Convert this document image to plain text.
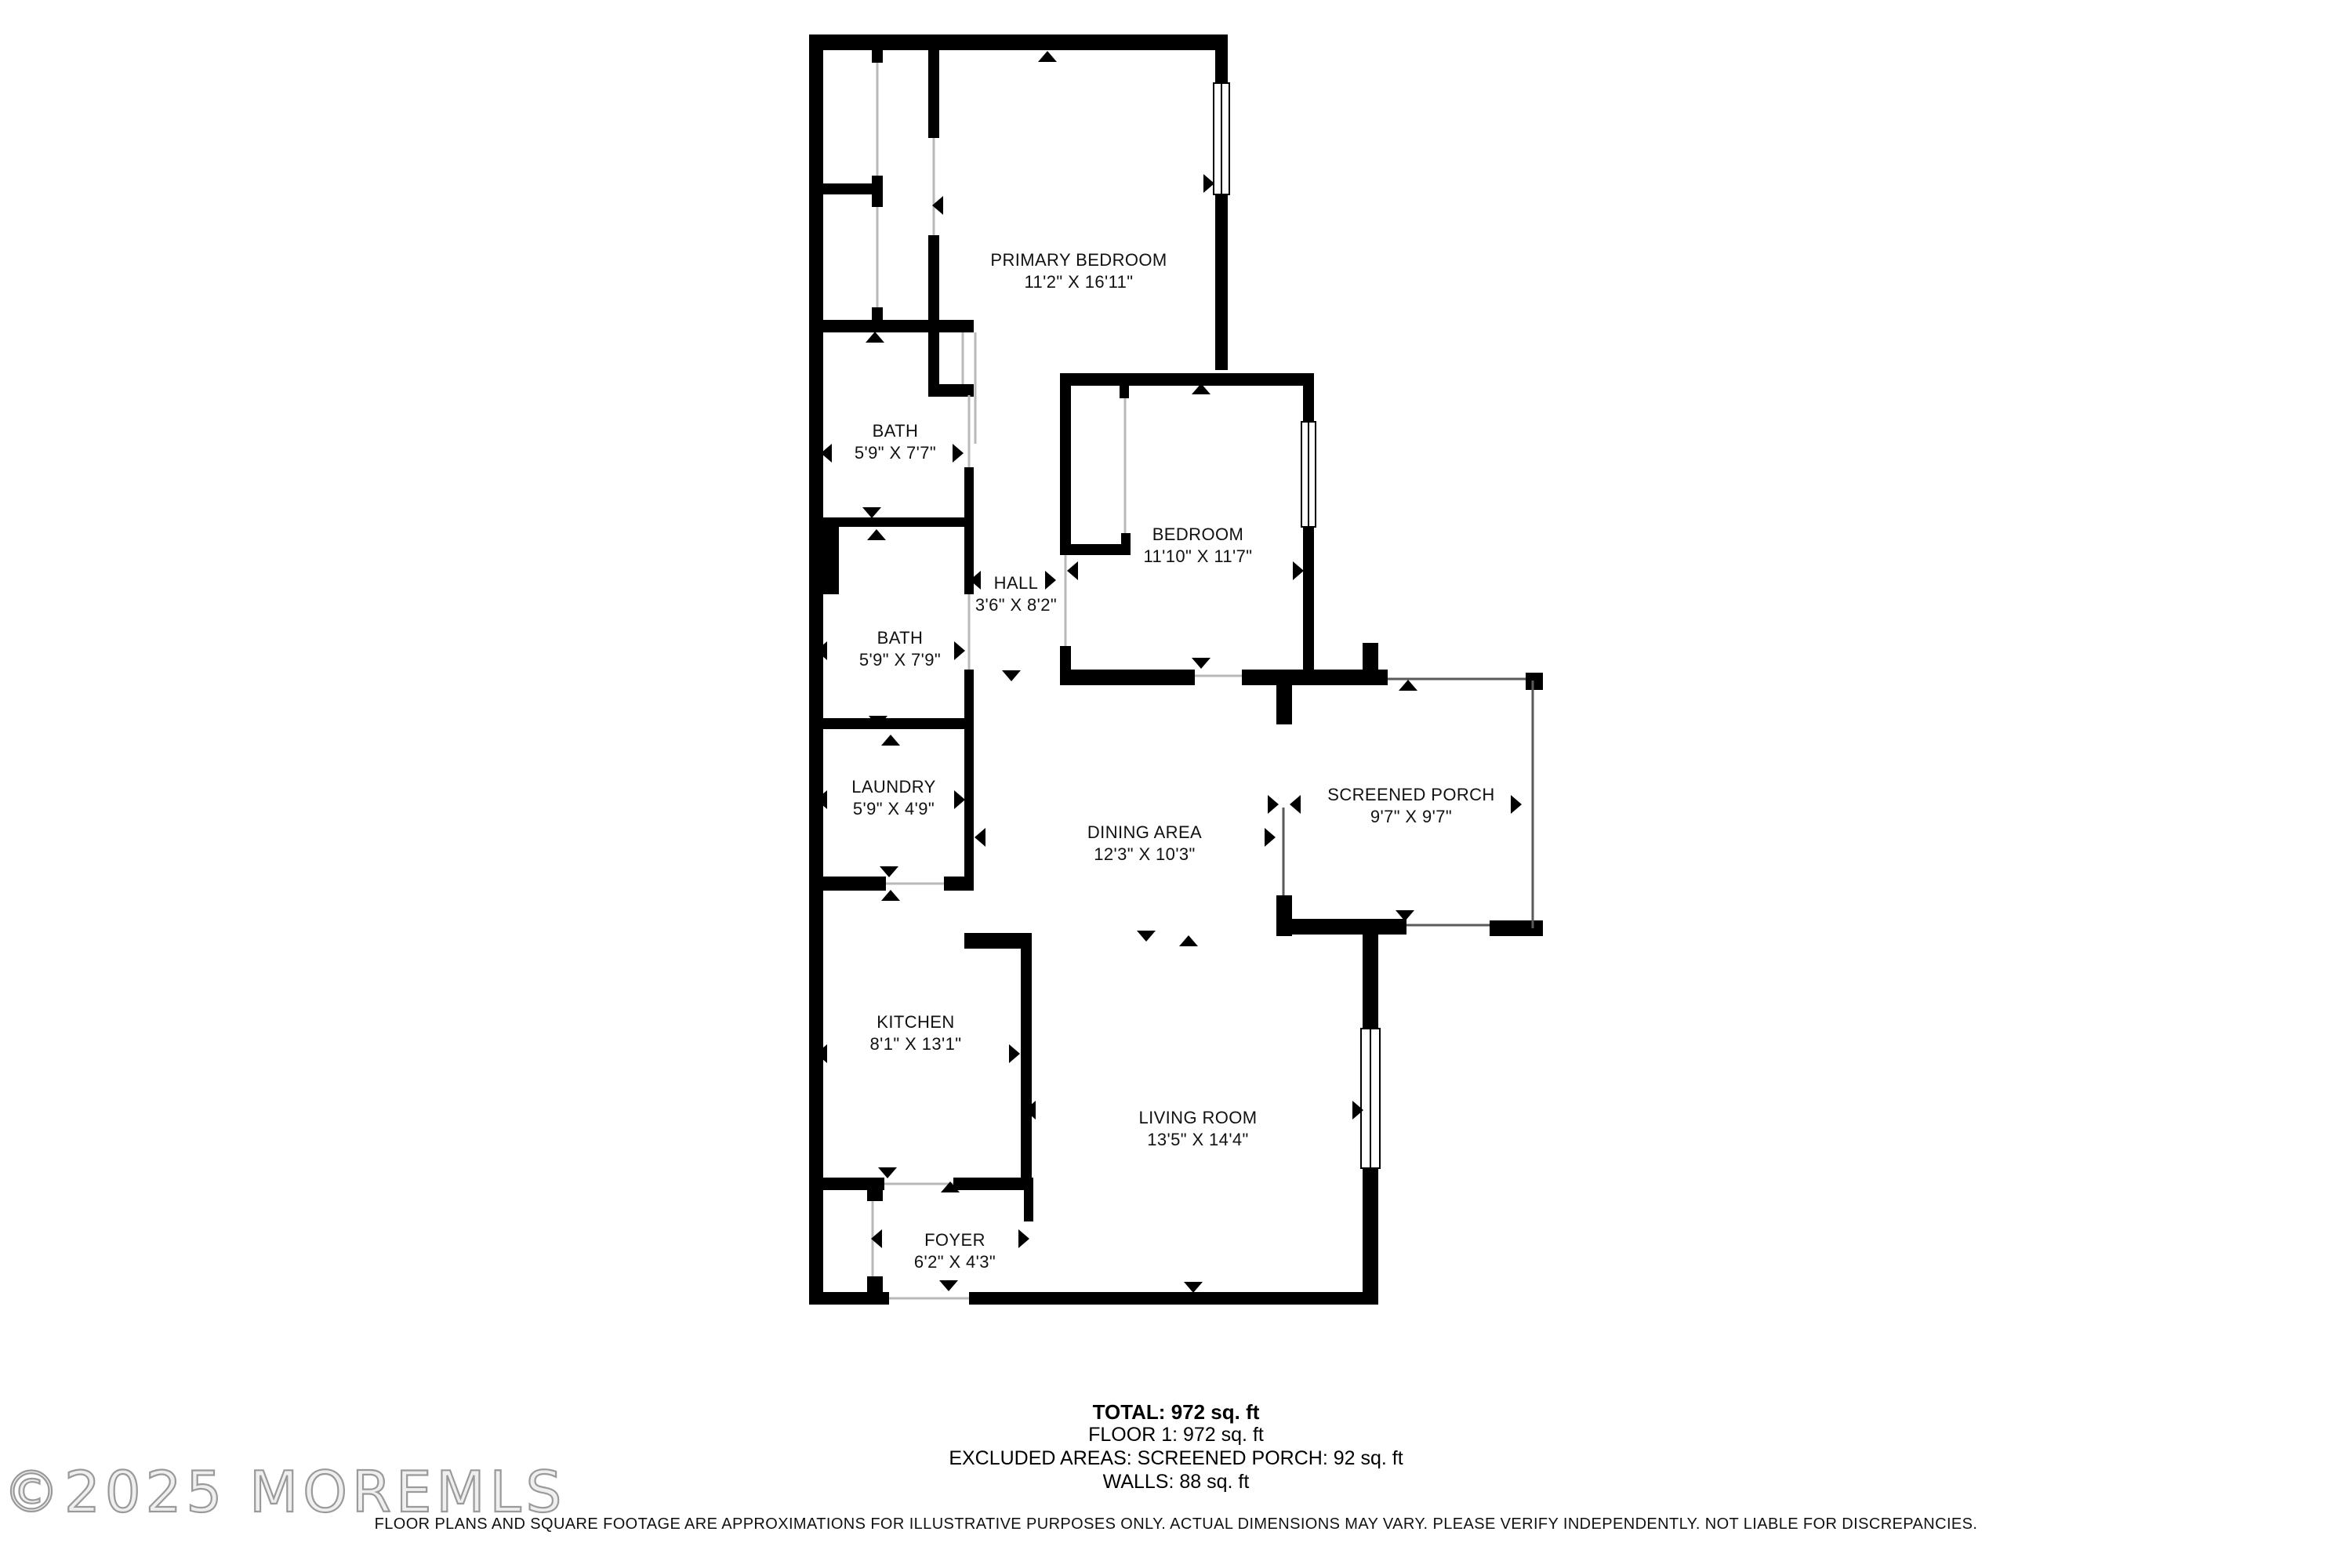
PRIMARY BEDROOM
11'2" X 16'11"
BATH
5'9" X 7'7"
BEDROOM
11'10" X 11'7"
HALL
3'6" X 8'2"
BATH
5'9" X 7'9"
LAUNDRY
5'9" X 4'9"
DINING AREA
12'3" X 10'3"
SCREENED PORCH
9'7" X 9'7"
KITCHEN
8'1" X 13'1"
LIVING ROOM
13'5" X 14'4"
FOYER
6'2" X 4'3"
TOTAL: 972 sq. ft
FLOOR 1: 972 sq. ft
EXCLUDED AREAS: SCREENED PORCH: 92 sq. ft
WALLS: 88 sq. ft
FLOOR PLANS AND SQUARE FOOTAGE ARE APPROXIMATIONS FOR ILLUSTRATIVE PURPOSES ONLY. ACTUAL DIMENSIONS MAY VARY. PLEASE VERIFY INDEPENDENTLY. NOT LIABLE FOR DISCREPANCIES.
©2025 MOREMLS
